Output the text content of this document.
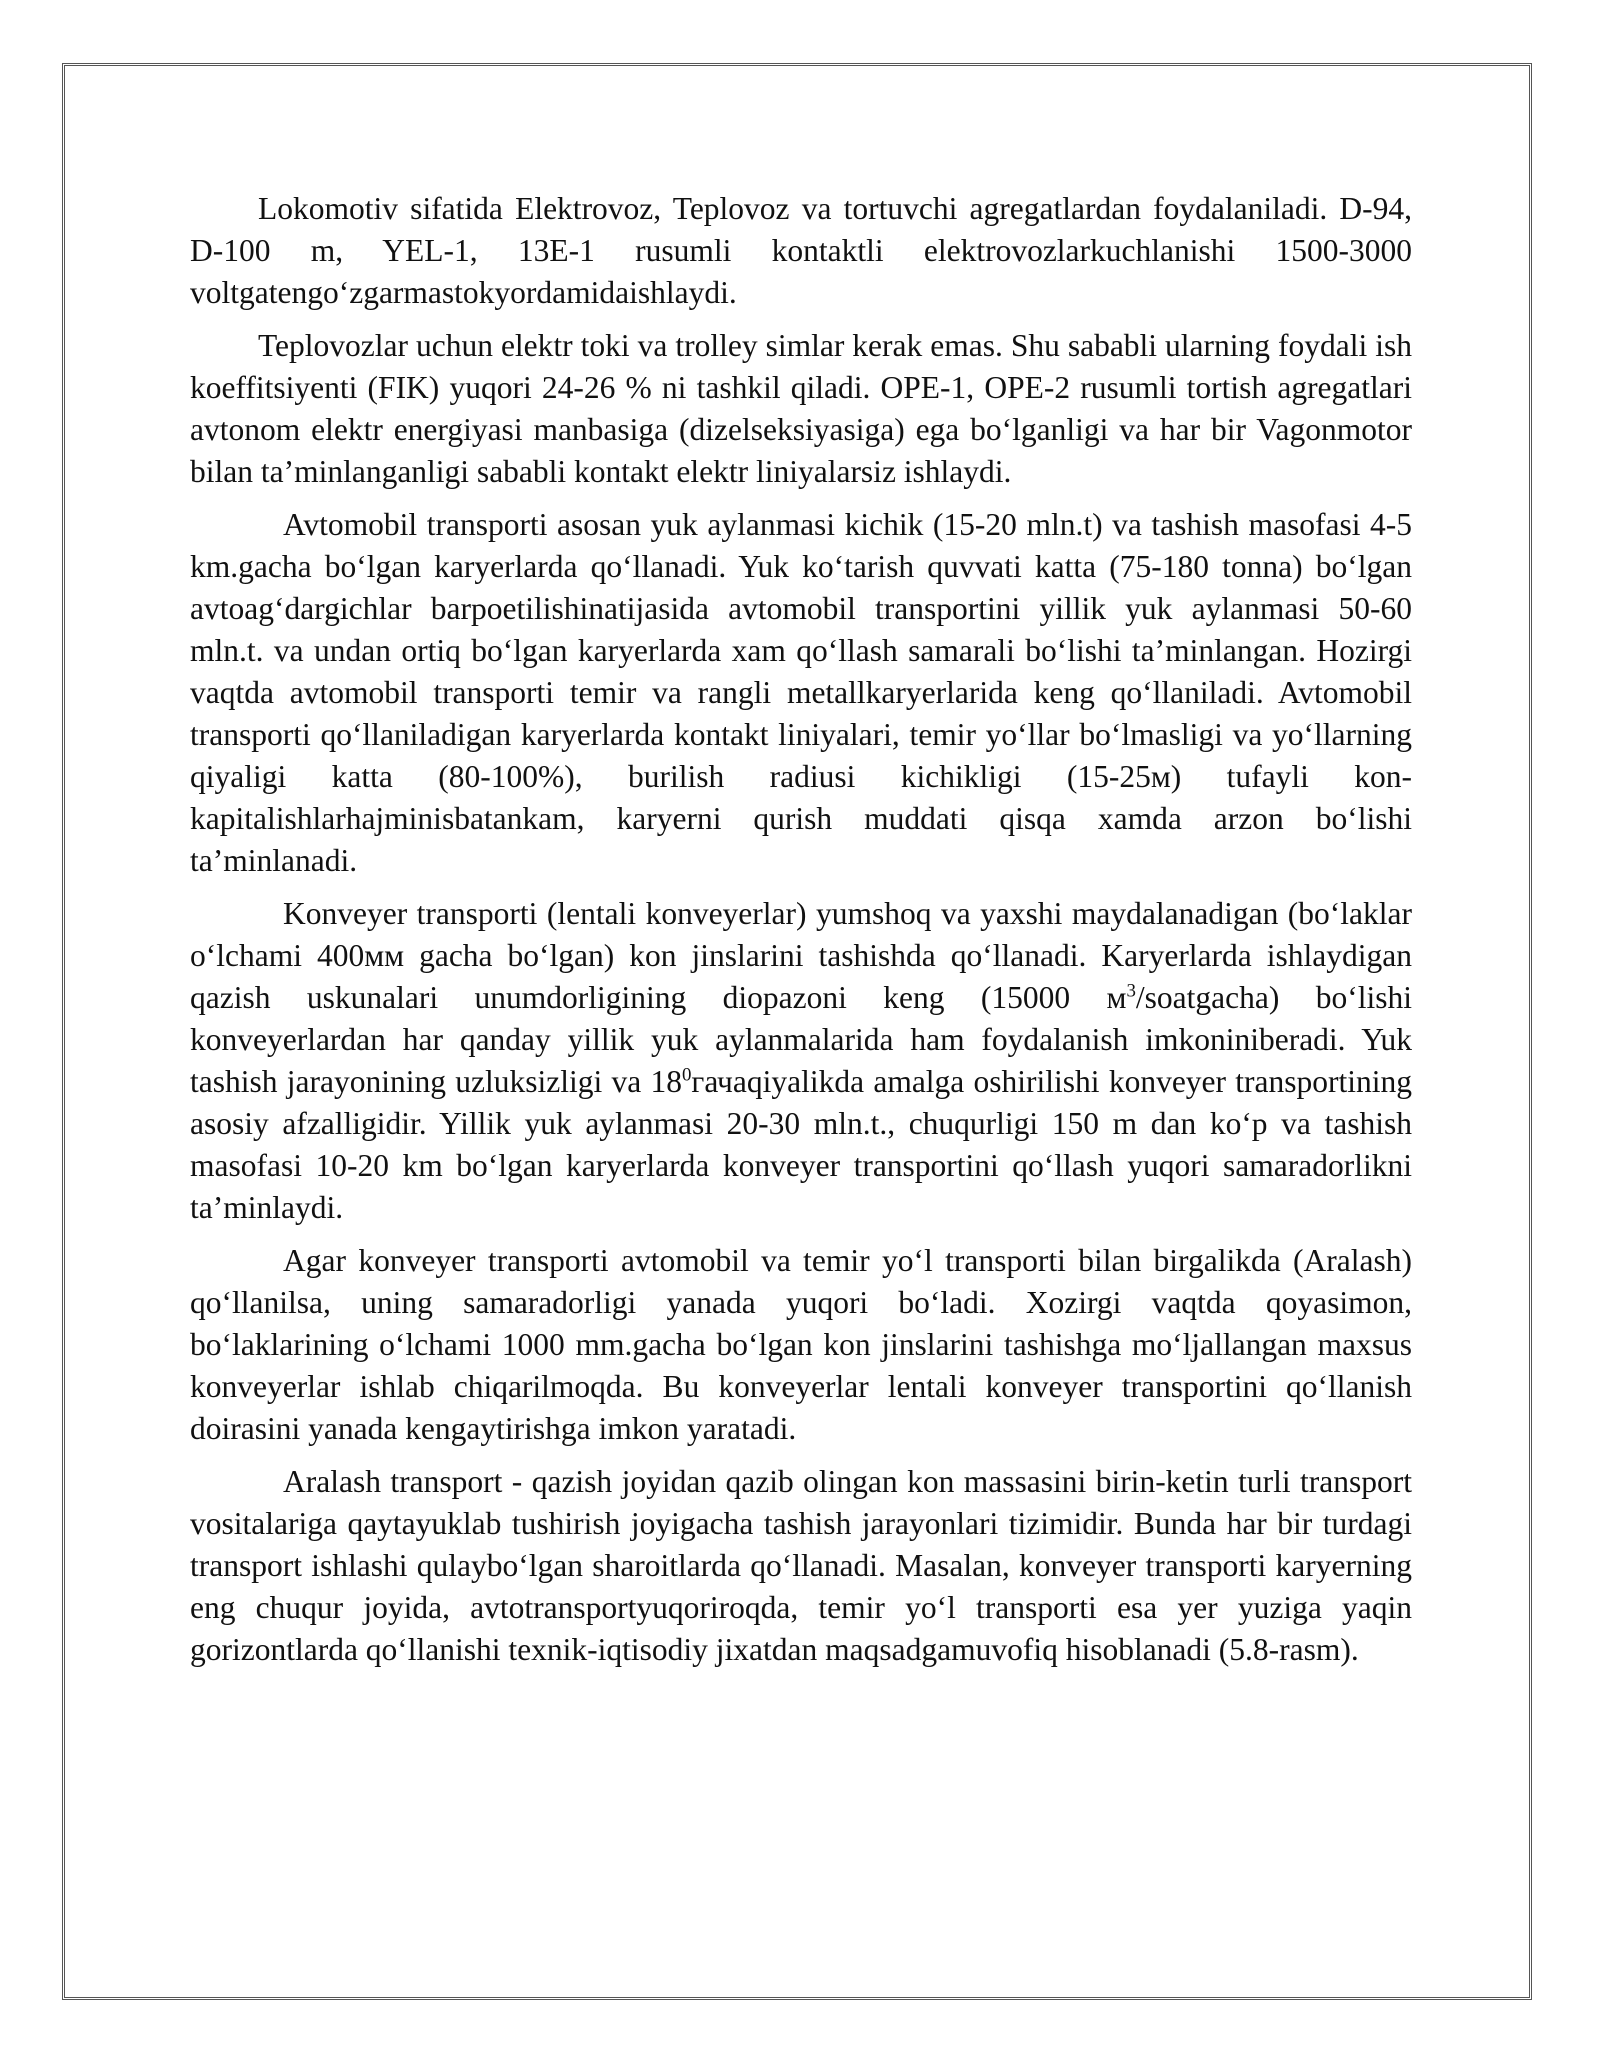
Lokomotiv sifatida Elektrovoz, Teplovoz va tortuvchi agregatlardan foydalaniladi. D-94, D-100 m, YEL-1, 13E-1 rusumli kontaktli elektrovozlarkuchlanishi 1500-3000 voltgatengo‘zgarmastokyordamidaishlaydi.

Teplovozlar uchun elektr toki va trolley simlar kerak emas. Shu sababli ularning foydali ish koeffitsiyenti (FIK) yuqori 24-26 % ni tashkil qiladi. OPE-1, OPE-2 rusumli tortish agregatlari avtonom elektr energiyasi manbasiga (dizelseksiyasiga) ega bo‘lganligi va har bir Vagonmotor bilan ta’minlanganligi sababli kontakt elektr liniyalarsiz ishlaydi.

Avtomobil transporti asosan yuk aylanmasi kichik (15-20 mln.t) va tashish masofasi 4-5 km.gacha bo‘lgan karyerlarda qo‘llanadi. Yuk ko‘tarish quvvati katta (75-180 tonna) bo‘lgan avtoag‘dargichlar barpoetilishinatijasida avtomobil transportini yillik yuk aylanmasi 50-60 mln.t. va undan ortiq bo‘lgan karyerlarda xam qo‘llash samarali bo‘lishi ta’minlangan. Hozirgi vaqtda avtomobil transporti temir va rangli metallkaryerlarida keng qo‘llaniladi. Avtomobil transporti qo‘llaniladigan karyerlarda kontakt liniyalari, temir yo‘llar bo‘lmasligi va yo‘llarning qiyaligi katta (80-100%), burilish radiusi kichikligi (15-25м) tufayli kon-kapitalishlarhajminisbatankam, karyerni qurish muddati qisqa xamda arzon bo‘lishi ta’minlanadi.

Konveyer transporti (lentali konveyerlar) yumshoq va yaxshi maydalanadigan (bo‘laklar o‘lchami 400мм gacha bo‘lgan) kon jinslarini tashishda qo‘llanadi. Karyerlarda ishlaydigan qazish uskunalari unumdorligining diopazoni keng (15000 $м^3/soatgacha$) bo‘lishi konveyerlardan har qanday yillik yuk aylanmalarida ham foydalanish imkoniniberadi. Yuk tashish jarayonining uzluksizligi va $18^0гачaqiyalikda$ amalga oshirilishi konveyer transportining asosiy afzalligidir. Yillik yuk aylanmasi 20-30 mln.t., chuqurligi 150 m dan ko‘p va tashish masofasi 10-20 km bo‘lgan karyerlarda konveyer transportini qo‘llash yuqori samaradorlikni ta’minlaydi.

Agar konveyer transporti avtomobil va temir yo‘l transporti bilan birgalikda (Aralash) qo‘llanilsa, uning samaradorligi yanada yuqori bo‘ladi. Xozirgi vaqtda qoyasimon, bo‘laklarining o‘lchami 1000 mm.gacha bo‘lgan kon jinslarini tashishga mo‘ljallangan maxsus konveyerlar ishlab chiqarilmoqda. Bu konveyerlar lentali konveyer transportini qo‘llanish doirasini yanada kengaytirishga imkon yaratadi.

Aralash transport - qazish joyidan qazib olingan kon massasini birin-ketin turli transport vositalariga qaytayuklab tushirish joyigacha tashish jarayonlari tizimidir. Bunda har bir turdagi transport ishlashi qulaybo‘lgan sharoitlarda qo‘llanadi. Masalan, konveyer transporti karyerning eng chuqur joyida, avtotransportyuqoriroqda, temir yo‘l transporti esa yer yuziga yaqin gorizontlarda qo‘llanishi texnik-iqtisodiy jixatdan maqsadgamuvofiq hisoblanadi (5.8-rasm).
